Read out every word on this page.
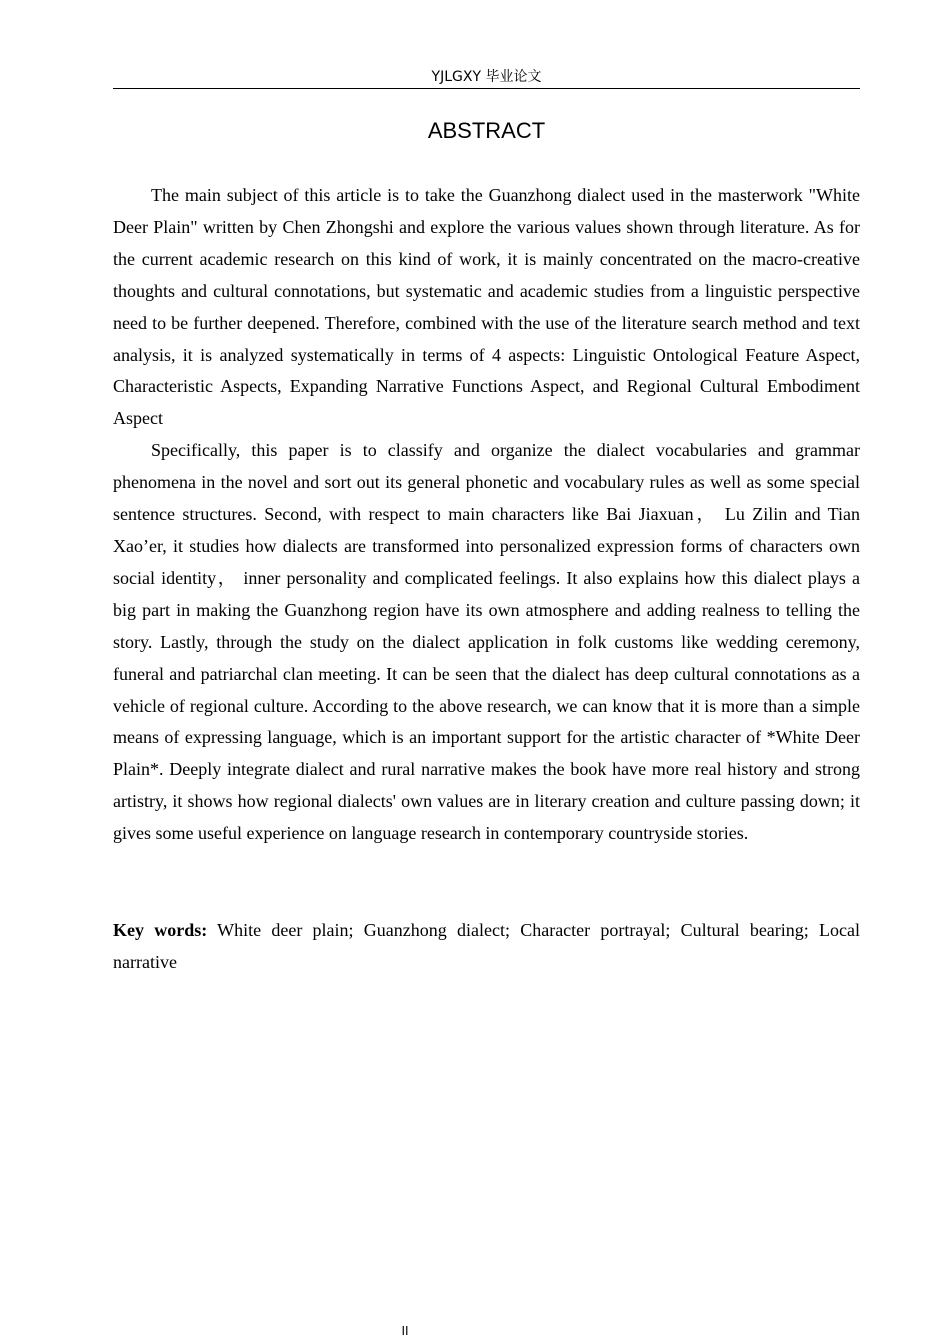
YJLGXY 毕业论文
ABSTRACT

The main subject of this article is to take the Guanzhong dialect used in the masterwork "White Deer Plain" written by Chen Zhongshi and explore the various values shown through literature. As for the current academic research on this kind of work, it is mainly concentrated on the macro-creative thoughts and cultural connotations, but systematic and academic studies from a linguistic perspective need to be further deepened. Therefore, combined with the use of the literature search method and text analysis, it is analyzed systematically in terms of 4 aspects: Linguistic Ontological Feature Aspect, Characteristic Aspects, Expanding Narrative Functions Aspect, and Regional Cultural Embodiment Aspect

Specifically, this paper is to classify and organize the dialect vocabularies and grammar phenomena in the novel and sort out its general phonetic and vocabulary rules as well as some special sentence structures. Second, with respect to main characters like Bai Jiaxuan， Lu Zilin and Tian Xao’er, it studies how dialects are transformed into personalized expression forms of characters own social identity， inner personality and complicated feelings. It also explains how this dialect plays a big part in making the Guanzhong region have its own atmosphere and adding realness to telling the story. Lastly, through the study on the dialect application in folk customs like wedding ceremony, funeral and patriarchal clan meeting. It can be seen that the dialect has deep cultural connotations as a vehicle of regional culture. According to the above research, we can know that it is more than a simple means of expressing language, which is an important support for the artistic character of *White Deer Plain*. Deeply integrate dialect and rural narrative makes the book have more real history and strong artistry, it shows how regional dialects' own values are in literary creation and culture passing down; it gives some useful experience on language research in contemporary countryside stories.

Key words: White deer plain; Guanzhong dialect; Character portrayal; Cultural bearing; Local narrative
II
